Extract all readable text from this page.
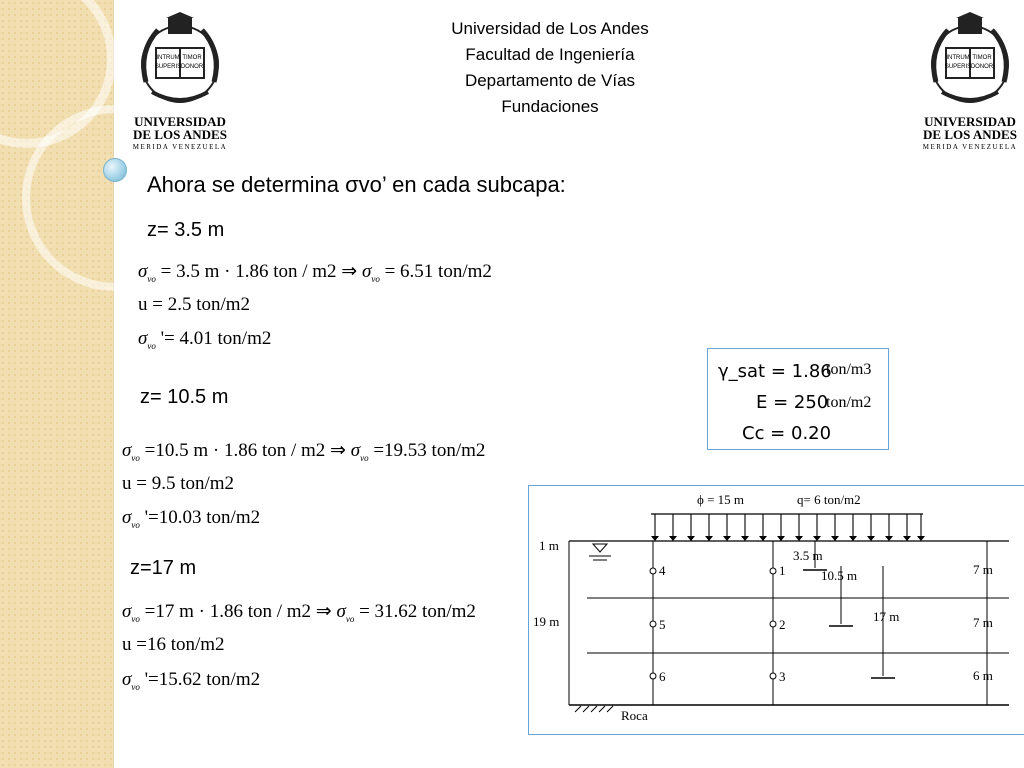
INTRUM TIMOR
SUPERIS DONOR
UNIVERSIDAD
DE LOS ANDES
MERIDA VENEZUELA
INTRUM TIMOR
SUPERIS DONOR
UNIVERSIDAD
DE LOS ANDES
MERIDA VENEZUELA
Universidad de Los Andes
Facultad de Ingeniería
Departamento de Vías
Fundaciones
Ahora se determina σvo’ en cada subcapa:
z= 3.5 m
$\sigma_{vo} = 3.5$ m · 1.86 ton / m2 ⇒ $\sigma_{vo} = 6.51$ ton/m2
u = 2.5 ton/m2
$\sigma_{vo}$ '= 4.01 ton/m2
z= 10.5 m
$\sigma_{vo} =10.5$ m · 1.86 ton / m2 ⇒ $\sigma_{vo} =19.53$ ton/m2
u = 9.5 ton/m2
$\sigma_{vo}$ '=10.03 ton/m2
z=17 m
$\sigma_{vo} =17$ m · 1.86 ton / m2 ⇒ $\sigma_{vo} = 31.62$ ton/m2
u =16 ton/m2
$\sigma_{vo}$ '=15.62 ton/m2
γ_sat = 1.86
ton/m3
E = 250
ton/m2
Cc = 0.20
ϕ = 15 m	q= 6 ton/m2
1 m
19 m
4
5
6
1
2
3
3.5 m
10.5 m
17 m
7 m
7 m
6 m
Roca
